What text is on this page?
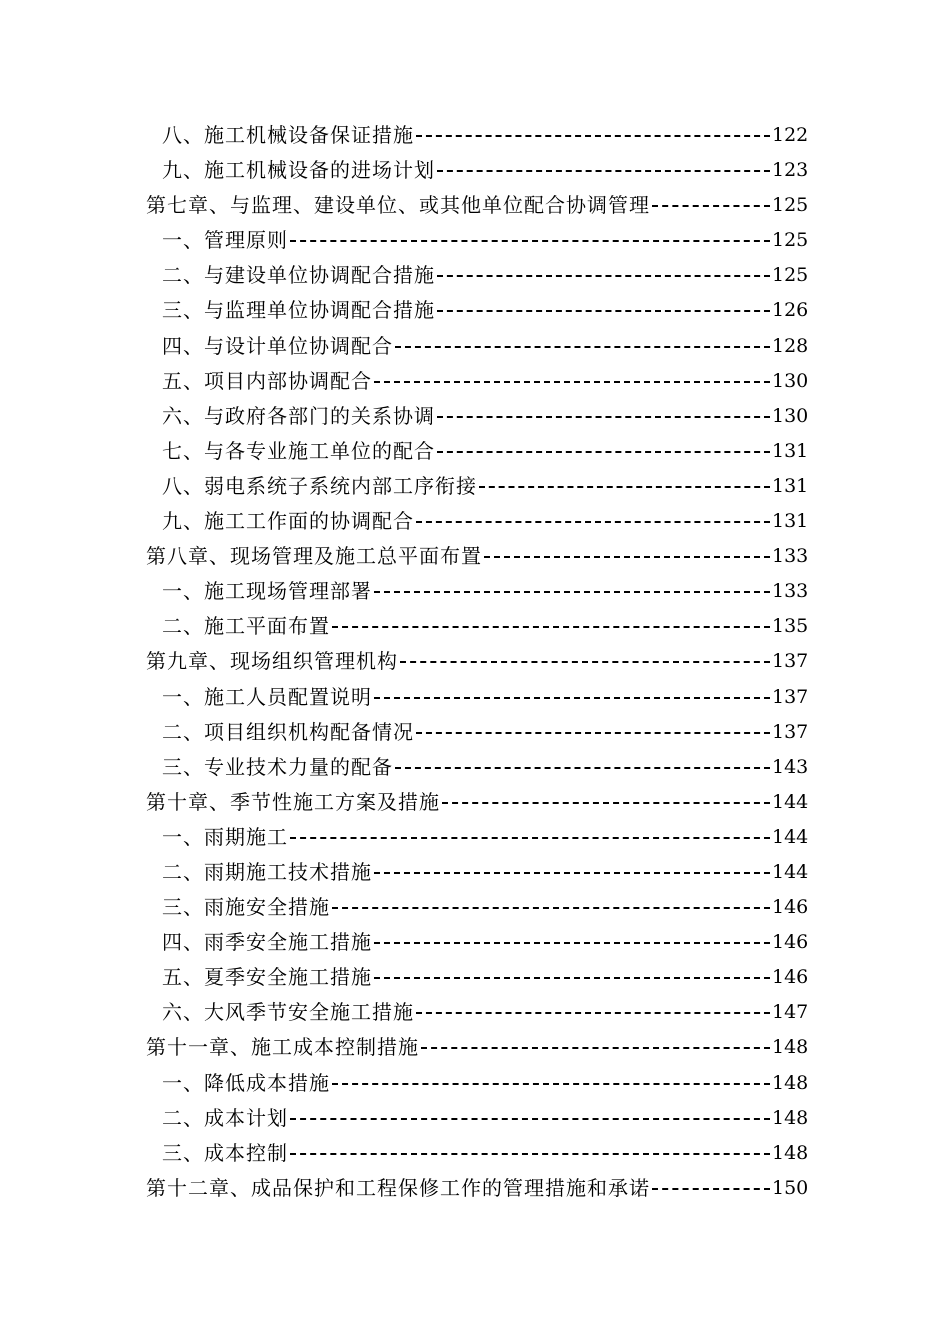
八、施工机械设备保证措施	122
九、施工机械设备的进场计划	123
第七章、与监理、建设单位、或其他单位配合协调管理	125
一、管理原则	125
二、与建设单位协调配合措施	125
三、与监理单位协调配合措施	126
四、与设计单位协调配合	128
五、项目内部协调配合	130
六、与政府各部门的关系协调	130
七、与各专业施工单位的配合	131
八、弱电系统子系统内部工序衔接	131
九、施工工作面的协调配合	131
第八章、现场管理及施工总平面布置	133
一、施工现场管理部署	133
二、施工平面布置	135
第九章、现场组织管理机构	137
一、施工人员配置说明	137
二、项目组织机构配备情况	137
三、专业技术力量的配备	143
第十章、季节性施工方案及措施	144
一、雨期施工	144
二、雨期施工技术措施	144
三、雨施安全措施	146
四、雨季安全施工措施	146
五、夏季安全施工措施	146
六、大风季节安全施工措施	147
第十一章、施工成本控制措施	148
一、降低成本措施	148
二、成本计划	148
三、成本控制	148
第十二章、成品保护和工程保修工作的管理措施和承诺	150
